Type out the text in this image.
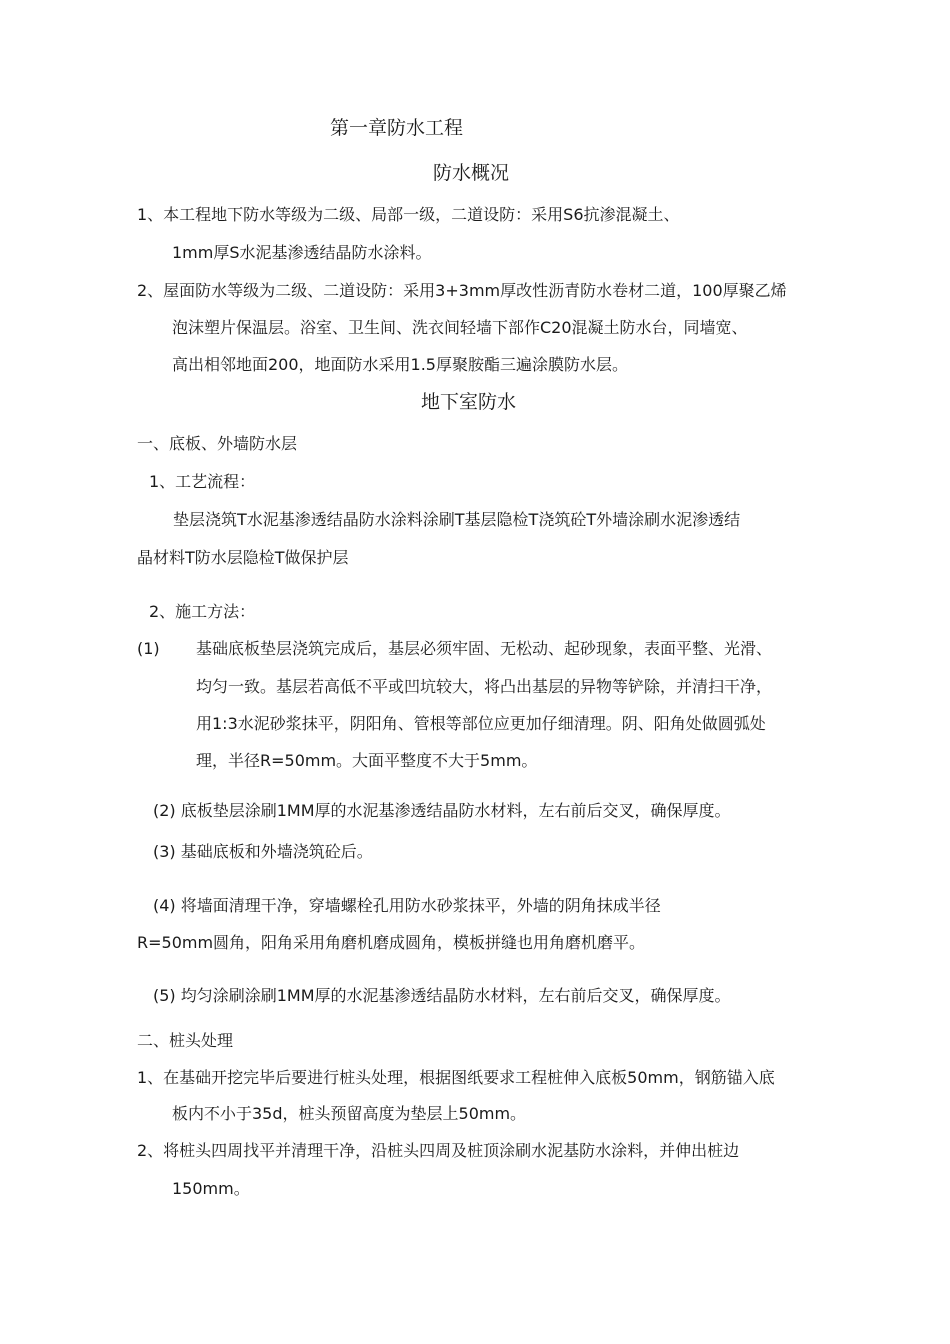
第一章防水工程
防水概况
1、本工程地下防水等级为二级、局部一级，二道设防：采用S6抗渗混凝土、
1mm厚S水泥基渗透结晶防水涂料。
2、屋面防水等级为二级、二道设防：采用3+3mm厚改性沥青防水卷材二道，100厚聚乙烯
泡沫塑片保温层。浴室、卫生间、洗衣间轻墙下部作C20混凝土防水台，同墙宽、
高出相邻地面200，地面防水采用1.5厚聚胺酯三遍涂膜防水层。
地下室防水
一、底板、外墙防水层
1、工艺流程：
垫层浇筑T水泥基渗透结晶防水涂料涂刷T基层隐检T浇筑砼T外墙涂刷水泥渗透结
晶材料T防水层隐检T做保护层
2、施工方法：
(1) 基础底板垫层浇筑完成后，基层必须牢固、无松动、起砂现象，表面平整、光滑、
均匀一致。基层若高低不平或凹坑较大，将凸出基层的异物等铲除，并清扫干净，
用1:3水泥砂浆抹平，阴阳角、管根等部位应更加仔细清理。阴、阳角处做圆弧处
理，半径R=50mm。大面平整度不大于5mm。
(2) 底板垫层涂刷1MM厚的水泥基渗透结晶防水材料，左右前后交叉，确保厚度。
(3) 基础底板和外墙浇筑砼后。
(4) 将墙面清理干净，穿墙螺栓孔用防水砂浆抹平，外墙的阴角抹成半径
R=50mm圆角，阳角采用角磨机磨成圆角，模板拼缝也用角磨机磨平。
(5) 均匀涂刷涂刷1MM厚的水泥基渗透结晶防水材料，左右前后交叉，确保厚度。
二、桩头处理
1、在基础开挖完毕后要进行桩头处理，根据图纸要求工程桩伸入底板50mm，钢筋锚入底
板内不小于35d，桩头预留高度为垫层上50mm。
2、将桩头四周找平并清理干净，沿桩头四周及桩顶涂刷水泥基防水涂料，并伸出桩边
150mm。
